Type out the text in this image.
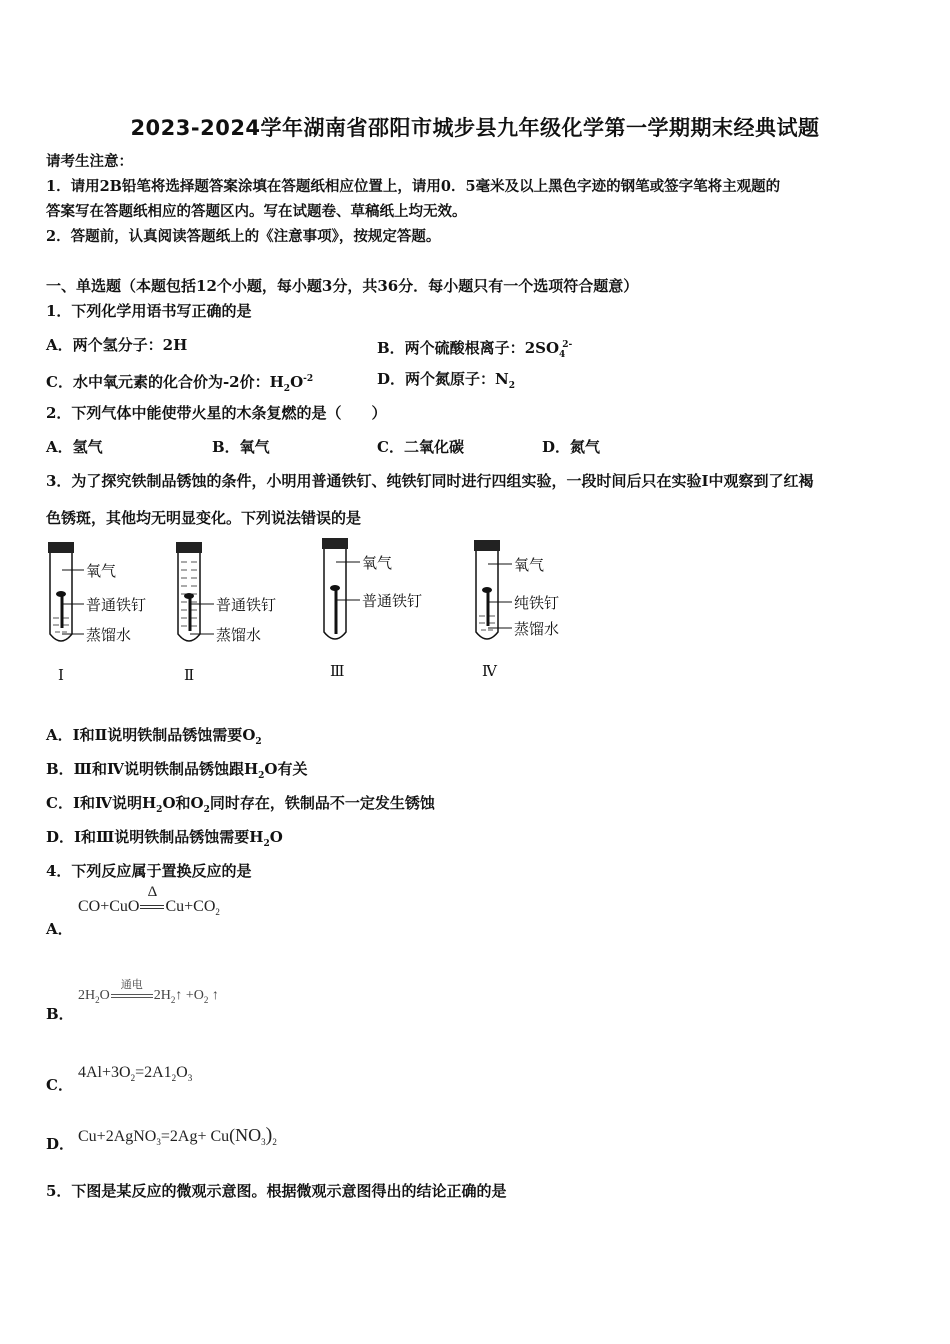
2023-2024学年湖南省邵阳市城步县九年级化学第一学期期末经典试题
请考生注意：
1．请用2B铅笔将选择题答案涂填在答题纸相应位置上，请用0．5毫米及以上黑色字迹的钢笔或签字笔将主观题的
答案写在答题纸相应的答题区内。写在试题卷、草稿纸上均无效。
2．答题前，认真阅读答题纸上的《注意事项》，按规定答题。
一、单选题（本题包括12个小题，每小题3分，共36分．每小题只有一个选项符合题意）
1．下列化学用语书写正确的是
A．两个氢分子：2H	B．两个硫酸根离子：$2SO_4^{2-}$
C．水中氧元素的化合价为-2价：$H_2O^{-2}$	D．两个氮原子：$N_2$
2．下列气体中能使带火星的木条复燃的是（　　）
A．氢气	B．氧气	C．二氧化碳	D．氮气
3．为了探究铁制品锈蚀的条件，小明用普通铁钉、纯铁钉同时进行四组实验，一段时间后只在实验Ⅰ中观察到了红褐
色锈斑，其他均无明显变化。下列说法错误的是
氧气
普通铁钉
蒸馏水
Ⅰ
普通铁钉
蒸馏水
Ⅱ
氧气
普通铁钉
Ⅲ
氧气
纯铁钉
蒸馏水
Ⅳ
A．Ⅰ和Ⅱ说明铁制品锈蚀需要$O_2$
B．Ⅲ和Ⅳ说明铁制品锈蚀跟$H_2O$有关
C．Ⅰ和Ⅳ说明$H_2O$和$O_2$同时存在，铁制品不一定发生锈蚀
D．Ⅰ和Ⅲ说明铁制品锈蚀需要$H_2O$
4．下列反应属于置换反应的是
A．
CO+CuO
Δ
$Cu+CO_2$
B．
$2H_2O$
通电
$2H_2↑ +O_2$ ↑
C．
$4Al+3O_2=2A1_2O_3$
D． Cu+2AgNO$_3$=2Ag+ $Cu(NO_3)_2$
5．下图是某反应的微观示意图。根据微观示意图得出的结论正确的是
